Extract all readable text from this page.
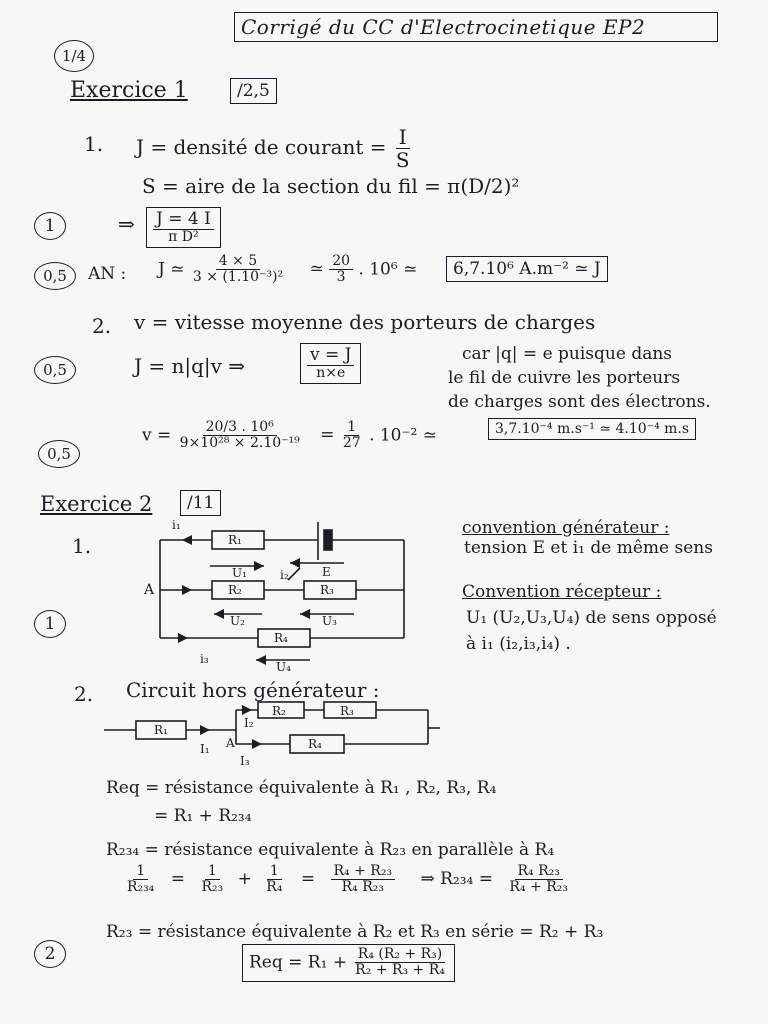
Corrigé du CC d'Electrocinetique EP2
1/4
Exercice 1	/2,5
1. J = densité de courant = $\frac{I}{S}$
S = aire de la section du fil = π(D/2)²
1	⇒ $\frac{J = 4 I}{\text{π D²}}$
0,5	AN : J ≃ $\frac{4 \times 5}{\text{3 × (1.10⁻³)²}}$ ≃ $\frac{20}{3}$ . 10⁶ ≃	6,7.10⁶ A.m⁻² ≃ J
2. v = vitesse moyenne des porteurs de charges
0,5	J = n|q|v ⇒	$\frac{v = J}{n\times e}$	car |q| = e puisque dans
le fil de cuivre les porteurs
de charges sont des électrons.
0,5
$v = \frac{\text{20/3 . 10⁶}}{\text{9×10²⁸ × 2.10⁻¹⁹}} = \frac{1}{27}$ . 10⁻² ≃	3,7.10⁻⁴ m.s⁻¹ ≃ 4.10⁻⁴ m.s
Exercice 2	/11
1.
1
i₁
R₁
U₁	i₂	E
A	R₂	R₃
U₂	U₃
R₄
i₃
U₄
convention générateur :
tension E et i₁ de même sens
Convention récepteur :
U₁ (U₂,U₃,U₄) de sens opposé
à i₁ (i₂,i₃,i₄) .
2. Circuit hors générateur :
R₁
R₂	R₃
R₄
I₂
I₁ A
I₃
Req = résistance équivalente à R₁ , R₂, R₃, R₄
= R₁ + R₂₃₄
R₂₃₄ = résistance equivalente à R₂₃ en parallèle à R₄
$\frac{1}{\text{R₂₃₄}} = \frac{1}{\text{R₂₃}} + \frac{1}{\text{R₄}} = \frac{\text{R₄ + R₂₃}}{\text{R₄ R₂₃}}$ ⇒ $R_{234} = \frac{\text{R₄ R₂₃}}{\text{R₄ + R₂₃}}$
R₂₃ = résistance équivalente à R₂ et R₃ en série = R₂ + R₃
2	Req = $R_1 + \frac{\text{R₄ (R₂ + R₃)}}{\text{R₂ + R₃ + R₄}}$
